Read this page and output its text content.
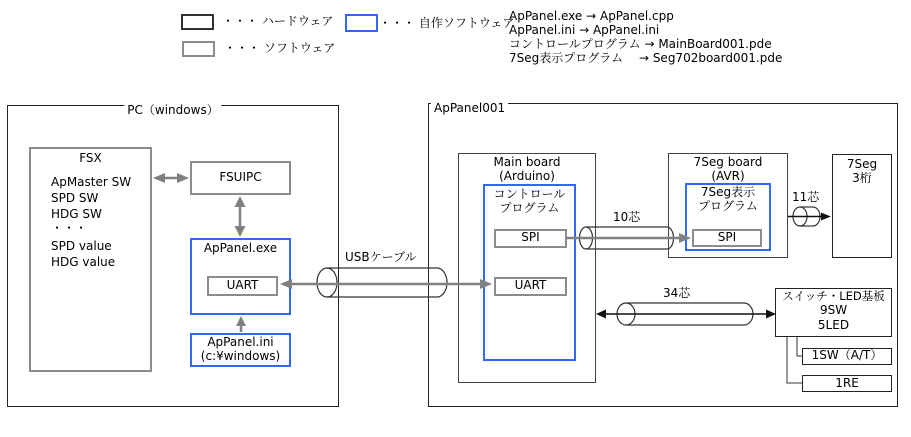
・・・ ハードウェア
・・・ ソフトウェア
・・・ 自作ソフトウェア
ApPanel.exe → ApPanel.cpp
ApPanel.ini → ApPanel.ini
コントロールプログラム → MainBoard001.pde
7Seg表示プログラム　 → Seg702board001.pde
PC（windows）
FSX
ApMaster SW
SPD SW
HDG SW
・・・
SPD value
HDG value
FSUIPC
ApPanel.exe
UART
ApPanel.ini
(c:¥windows)
USBケーブル
ApPanel001
Main board
(Arduino)
コントロール
プログラム
SPI
UART
10芯
7Seg board
(AVR)
7Seg表示
プログラム
SPI
11芯
7Seg
3桁
34芯	スイッチ・LED基板
9SW
5LED
1SW（A/T）
1RE
